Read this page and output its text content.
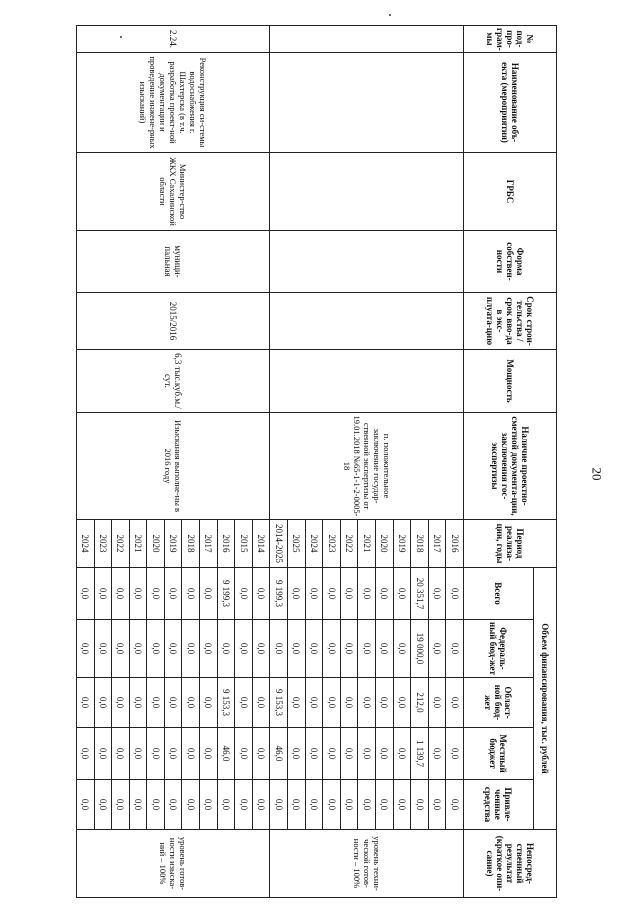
20
№ под-про-грам-мы	Наименование объ-екта (мероприятия)	ГРБС	Форма собствен-ности	Срок строи-тельства / срок вво-да в экс-плуата-цию	Мощность	Наличие проектно-сметной документа-ции, заключения гос-экспертизы	Период реализа-ции, годы	Объем финансирования, тыс. рублей					Непосред-ственный результат (краткое опи-сание)
								Всего	Федераль-ный бюд-жет	Област-ной бюд-жет	Местный бюджет	Привле-ченные средства	
						п. положительное заключение государ-ственной экспертизы от 19.01.2018 №65-1-1-2-0005-18	2016	0,0	0,0	0,0	0,0	0,0	уровень техни-ческой готов-ности – 100%
							2017	0,0	0,0	0,0	0,0	0,0	
							2018	20 351,7	19 000,0	212,0	1 139,7	0,0	
							2019	0,0	0,0	0,0	0,0	0,0	
							2020	0,0	0,0	0,0	0,0	0,0	
							2021	0,0	0,0	0,0	0,0	0,0	
							2022	0,0	0,0	0,0	0,0	0,0	
							2023	0,0	0,0	0,0	0,0	0,0	
							2024	0,0	0,0	0,0	0,0	0,0	
							2025	0,0	0,0	0,0	0,0	0,0	
							2014-2025	9 199,3	0,0	9 153,3	46,0	0,0	
2.24.	Реконструкция си-стемы водоснабжения г. Шахтерска (в т.ч. разработка проект-ной документации и проведение инжене-рных изысканий)	Министер-ство ЖКХ Сахалинской области	муници-пальная	2015/2016	6,3 тыс.куб.м./сут.	Изыскания выполне-ны в 2016 году	2014	0,0	0,0	0,0	0,0	0,0	уровень готов-ности изыска-ний – 100%
							2015	0,0	0,0	0,0	0,0	0,0	
							2016	9 199,3	0,0	9 153,3	46,0	0,0	
							2017	0,0	0,0	0,0	0,0	0,0	
							2018	0,0	0,0	0,0	0,0	0,0	
							2019	0,0	0,0	0,0	0,0	0,0	
							2020	0,0	0,0	0,0	0,0	0,0	
							2021	0,0	0,0	0,0	0,0	0,0	
							2022	0,0	0,0	0,0	0,0	0,0	
							2023	0,0	0,0	0,0	0,0	0,0	
							2024	0,0	0,0	0,0	0,0	0,0	
